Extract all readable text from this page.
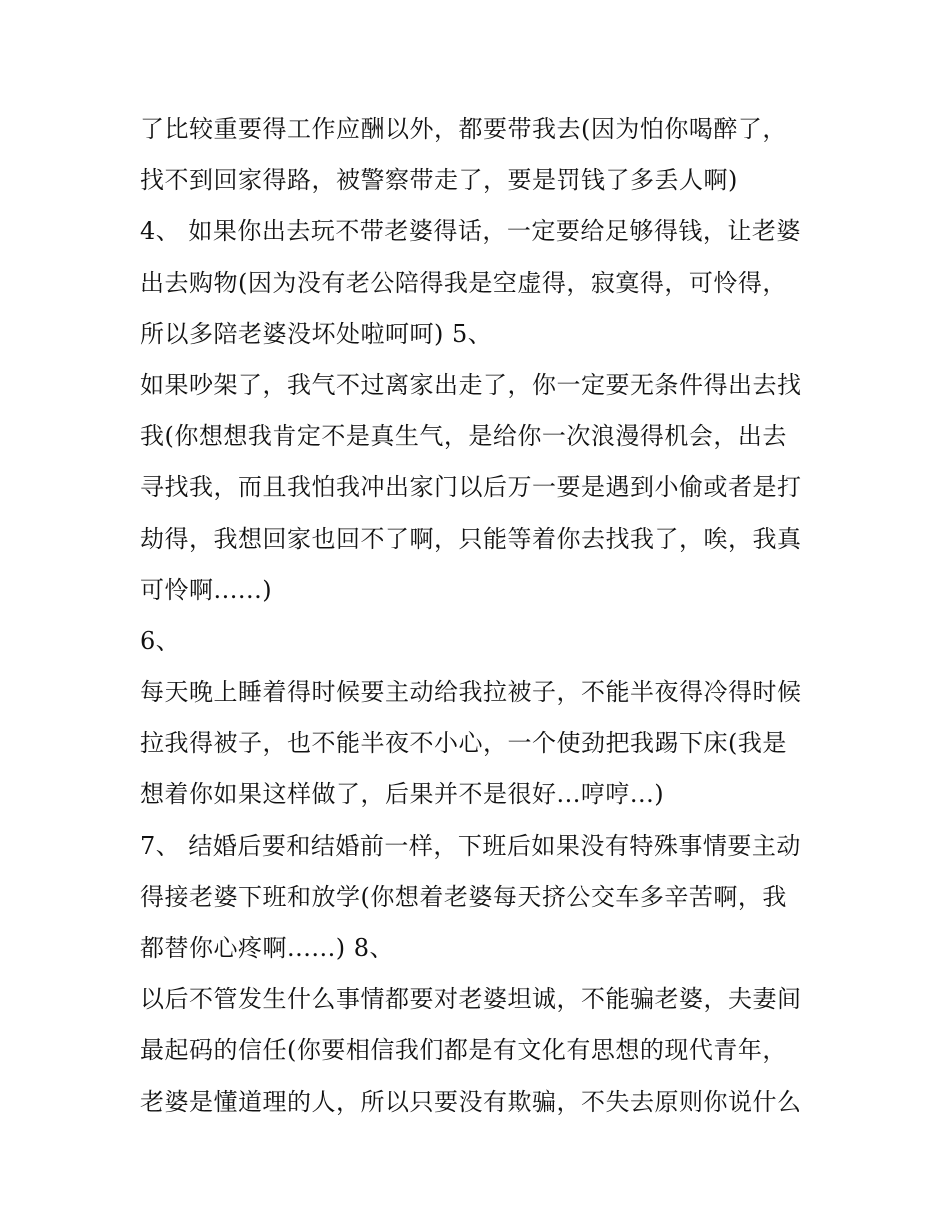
了比较重要得工作应酬以外，都要带我去(因为怕你喝醉了，
找不到回家得路，被警察带走了，要是罚钱了多丢人啊)
4、 如果你出去玩不带老婆得话，一定要给足够得钱，让老婆
出去购物(因为没有老公陪得我是空虚得，寂寞得，可怜得，
所以多陪老婆没坏处啦呵呵) 5、
如果吵架了，我气不过离家出走了，你一定要无条件得出去找
我(你想想我肯定不是真生气，是给你一次浪漫得机会，出去
寻找我，而且我怕我冲出家门以后万一要是遇到小偷或者是打
劫得，我想回家也回不了啊，只能等着你去找我了，唉，我真
可怜啊......)
6、
每天晚上睡着得时候要主动给我拉被子，不能半夜得冷得时候
拉我得被子，也不能半夜不小心，一个使劲把我踢下床(我是
想着你如果这样做了，后果并不是很好...哼哼...)
7、 结婚后要和结婚前一样，下班后如果没有特殊事情要主动
得接老婆下班和放学(你想着老婆每天挤公交车多辛苦啊，我
都替你心疼啊......) 8、
以后不管发生什么事情都要对老婆坦诚，不能骗老婆，夫妻间
最起码的信任(你要相信我们都是有文化有思想的现代青年，
老婆是懂道理的人，所以只要没有欺骗，不失去原则你说什么
